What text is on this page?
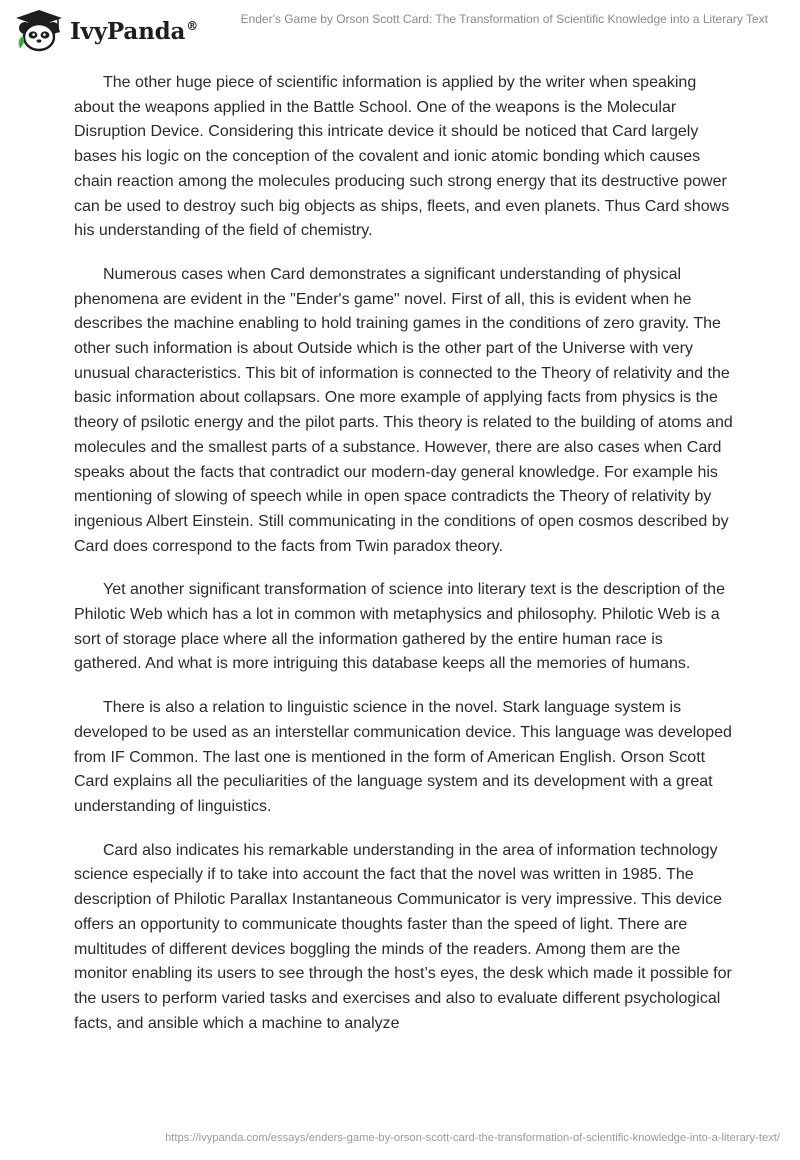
IvyPanda®	Ender's Game by Orson Scott Card: The Transformation of Scientific Knowledge into a Literary Text

The other huge piece of scientific information is applied by the writer when speaking about the weapons applied in the Battle School. One of the weapons is the Molecular Disruption Device. Considering this intricate device it should be noticed that Card largely bases his logic on the conception of the covalent and ionic atomic bonding which causes chain reaction among the molecules producing such strong energy that its destructive power can be used to destroy such big objects as ships, fleets, and even planets. Thus Card shows his understanding of the field of chemistry.

Numerous cases when Card demonstrates a significant understanding of physical phenomena are evident in the "Ender's game" novel. First of all, this is evident when he describes the machine enabling to hold training games in the conditions of zero gravity. The other such information is about Outside which is the other part of the Universe with very unusual characteristics. This bit of information is connected to the Theory of relativity and the basic information about collapsars. One more example of applying facts from physics is the theory of psilotic energy and the pilot parts. This theory is related to the building of atoms and molecules and the smallest parts of a substance. However, there are also cases when Card speaks about the facts that contradict our modern-day general knowledge. For example his mentioning of slowing of speech while in open space contradicts the Theory of relativity by ingenious Albert Einstein. Still communicating in the conditions of open cosmos described by Card does correspond to the facts from Twin paradox theory.

Yet another significant transformation of science into literary text is the description of the Philotic Web which has a lot in common with metaphysics and philosophy. Philotic Web is a sort of storage place where all the information gathered by the entire human race is gathered. And what is more intriguing this database keeps all the memories of humans.

There is also a relation to linguistic science in the novel. Stark language system is developed to be used as an interstellar communication device. This language was developed from IF Common. The last one is mentioned in the form of American English. Orson Scott Card explains all the peculiarities of the language system and its development with a great understanding of linguistics.

Card also indicates his remarkable understanding in the area of information technology science especially if to take into account the fact that the novel was written in 1985. The description of Philotic Parallax Instantaneous Communicator is very impressive. This device offers an opportunity to communicate thoughts faster than the speed of light. There are multitudes of different devices boggling the minds of the readers. Among them are the monitor enabling its users to see through the host’s eyes, the desk which made it possible for the users to perform varied tasks and exercises and also to evaluate different psychological facts, and ansible which a machine to analyze

https://ivypanda.com/essays/enders-game-by-orson-scott-card-the-transformation-of-scientific-knowledge-into-a-literary-text/
